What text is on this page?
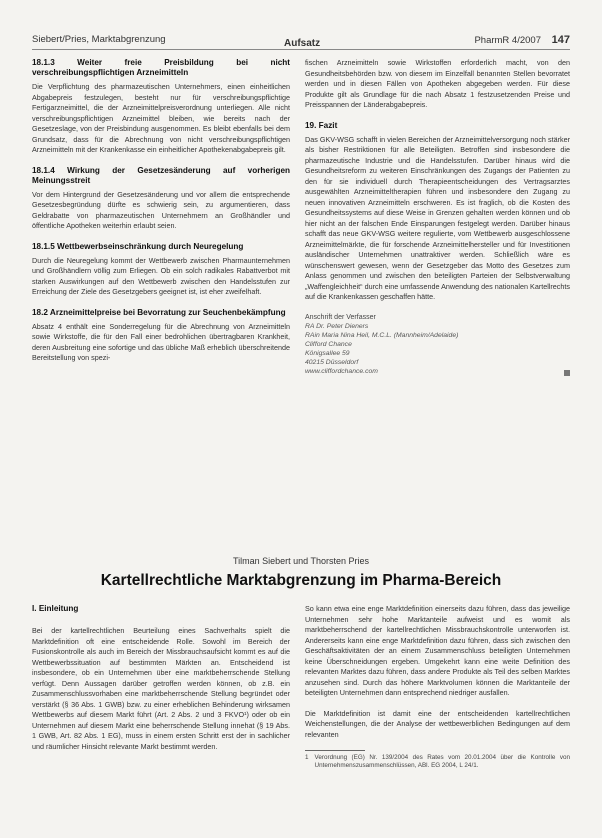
Siebert/Pries, Marktabgrenzung	Aufsatz	PharmR 4/2007 147
18.1.3 Weiter freie Preisbildung bei nicht verschreibungspflichtigen Arzneimitteln

Die Verpflichtung des pharmazeutischen Unternehmers, einen einheitlichen Abgabepreis festzulegen, besteht nur für verschreibungspflichtige Fertigarzneimittel, die der Arzneimittelpreisverordnung unterliegen. Alle nicht verschreibungspflichtigen Arzneimittel bleiben, wie bereits nach der Gesetzeslage, von der Preisbindung ausgenommen. Es bleibt ebenfalls bei dem Grundsatz, dass für die Abrechnung von nicht verschreibungspflichtigen Arzneimitteln mit der Krankenkasse ein einheitlicher Apothekenabgabepreis gilt.

18.1.4 Wirkung der Gesetzesänderung auf vorherigen Meinungsstreit

Vor dem Hintergrund der Gesetzesänderung und vor allem die entsprechende Gesetzesbegründung dürfte es schwierig sein, zu argumentieren, dass Geldrabatte von pharmazeutischen Unternehmern an Großhändler und öffentliche Apotheken weiterhin erlaubt seien.

18.1.5 Wettbewerbseinschränkung durch Neuregelung

Durch die Neuregelung kommt der Wettbewerb zwischen Pharmaunternehmen und Großhändlern völlig zum Erliegen. Ob ein solch radikales Rabattverbot mit starken Auswirkungen auf den Wettbewerb zwischen den Handelsstufen zur Erreichung der Ziele des Gesetzgebers geeignet ist, ist eher zweifelhaft.

18.2 Arzneimittelpreise bei Bevorratung zur Seuchenbekämpfung

Absatz 4 enthält eine Sonderregelung für die Abrechnung von Arzneimitteln sowie Wirkstoffe, die für den Fall einer bedrohlichen übertragbaren Krankheit, deren Ausbreitung eine sofortige und das übliche Maß erheblich überschreitende Bereitstellung von spezi-

fischen Arzneimitteln sowie Wirkstoffen erforderlich macht, von den Gesundheitsbehörden bzw. von diesem im Einzelfall benannten Stellen bevorratet werden und in diesen Fällen von Apotheken abgegeben werden. Für diese Produkte gilt als Grundlage für die nach Absatz 1 festzusetzenden Preise und Preisspannen der Länderabgabepreis.

19. Fazit

Das GKV-WSG schafft in vielen Bereichen der Arzneimittelversorgung noch stärker als bisher Restriktionen für alle Beteiligten. Betroffen sind insbesondere die pharmazeutische Industrie und die Handelsstufen. Darüber hinaus wird die Gesundheitsreform zu weiteren Einschränkungen des Zugangs der Patienten zu den für sie individuell durch Therapieentscheidungen des Vertragsarztes ausgewählten Arzneimitteltherapien führen und insbesondere den Zugang zu neuen innovativen Arzneimitteln erschweren. Es ist fraglich, ob die Kosten des Gesundheitssystems auf diese Weise in Grenzen gehalten werden können und ob hier nicht an der falschen Ende Einsparungen festgelegt werden. Darüber hinaus schafft das neue GKV-WSG weitere regulierte, vom Wettbewerb ausgeschlossene Arzneimittelmärkte, die für forschende Arzneimittelhersteller und für Investitionen ausländischer Unternehmen unattraktiver werden. Schließlich wäre es wünschenswert gewesen, wenn der Gesetzgeber das Motto des Gesetzes zum Anlass genommen und zwischen den beteiligten Parteien der Selbstverwaltung „Waffengleichheit“ durch eine umfassende Anwendung des nationalen Kartellrechts auf die Krankenkassen geschaffen hätte.

Anschrift der Verfasser
RA Dr. Peter Dieners
RAin Maria Nina Heil, M.C.L. (Mannheim/Adelaide)
Clifford Chance
Königsallee 59
40215 Düsseldorf
www.cliffordchance.com
Tilman Siebert und Thorsten Pries
Kartellrechtliche Marktabgrenzung im Pharma-Bereich
I. Einleitung

Bei der kartellrechtlichen Beurteilung eines Sachverhalts spielt die Marktdefinition oft eine entscheidende Rolle. Sowohl im Bereich der Fusionskontrolle als auch im Bereich der Missbrauchsaufsicht kommt es auf die Wettbewerbssituation auf bestimmten Märkten an. Entscheidend ist insbesondere, ob ein Unternehmen über eine marktbeherrschende Stellung verfügt. Denn Aussagen darüber getroffen werden können, ob z.B. ein Zusammenschlussvorhaben eine marktbeherrschende Stellung begründet oder verstärkt (§ 36 Abs. 1 GWB) bzw. zu einer erheblichen Behinderung wirksamen Wettbewerbs auf diesem Markt führt (Art. 2 Abs. 2 und 3 FKVO¹) oder ob ein Unternehmen auf diesem Markt eine beherrschende Stellung innehat (§ 19 Abs. 1 GWB, Art. 82 Abs. 1 EG), muss in einem ersten Schritt erst der in sachlicher und räumlicher Hinsicht relevante Markt bestimmt werden.

So kann etwa eine enge Marktdefinition einerseits dazu führen, dass das jeweilige Unternehmen sehr hohe Marktanteile aufweist und es womit als marktbeherrschend der kartellrechtlichen Missbrauchskontrolle unterworfen ist. Andererseits kann eine enge Marktdefinition dazu führen, dass sich zwischen den Geschäftsaktivitäten der an einem Zusammenschluss beteiligten Unternehmen keine Überschneidungen ergeben. Umgekehrt kann eine weite Definition des relevanten Marktes dazu führen, dass andere Produkte als Teil des selben Marktes anzusehen sind. Durch das höhere Marktvolumen können die Marktanteile der beteiligten Unternehmen dann entsprechend niedriger ausfallen.

Die Marktdefinition ist damit eine der entscheidenden kartellrechtlichen Weichenstellungen, die der Analyse der wettbewerblichen Bedingungen auf dem relevanten

1 Verordnung (EG) Nr. 139/2004 des Rates vom 20.01.2004 über die Kontrolle von Unternehmenszusammenschlüssen, ABl. EG 2004, L 24/1.
